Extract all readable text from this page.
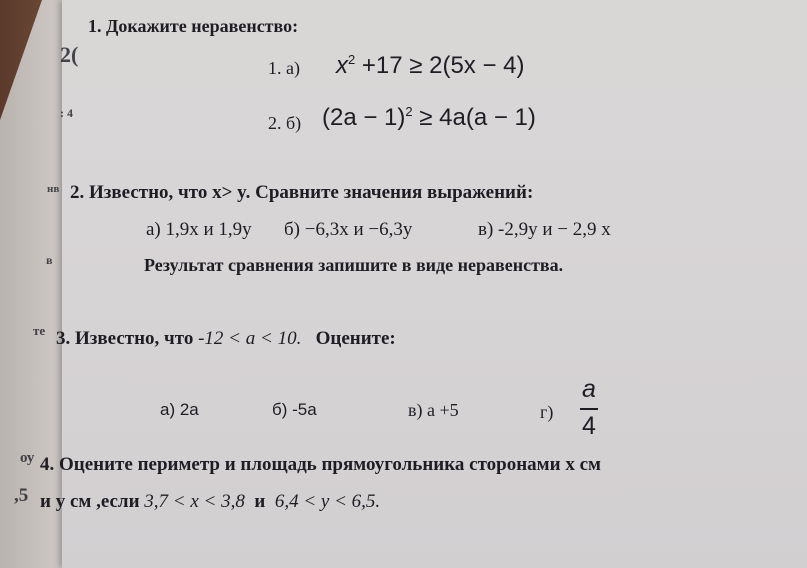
2(
: 4
нв
в
те
оу
,5
1. Докажите неравенство:
1. а) $x^2 +17 \ge 2(5x - 4)$
2. б) $(2a - 1)^2 \ge 4a(a - 1)$
2. Известно, что x> y. Сравните значения выражений:
а) 1,9x и 1,9y б) −6,3x и −6,3y	в) -2,9y и − 2,9 x
Результат сравнения запишите в виде неравенства.
3. Известно, что -12 < a < 10. Оцените:
а) 2а	б) -5а	в) а +5	г)
a
4
4. Оцените периметр и площадь прямоугольника сторонами х см
и у см ,если 3,7 < x < 3,8 и 6,4 < y < 6,5.
